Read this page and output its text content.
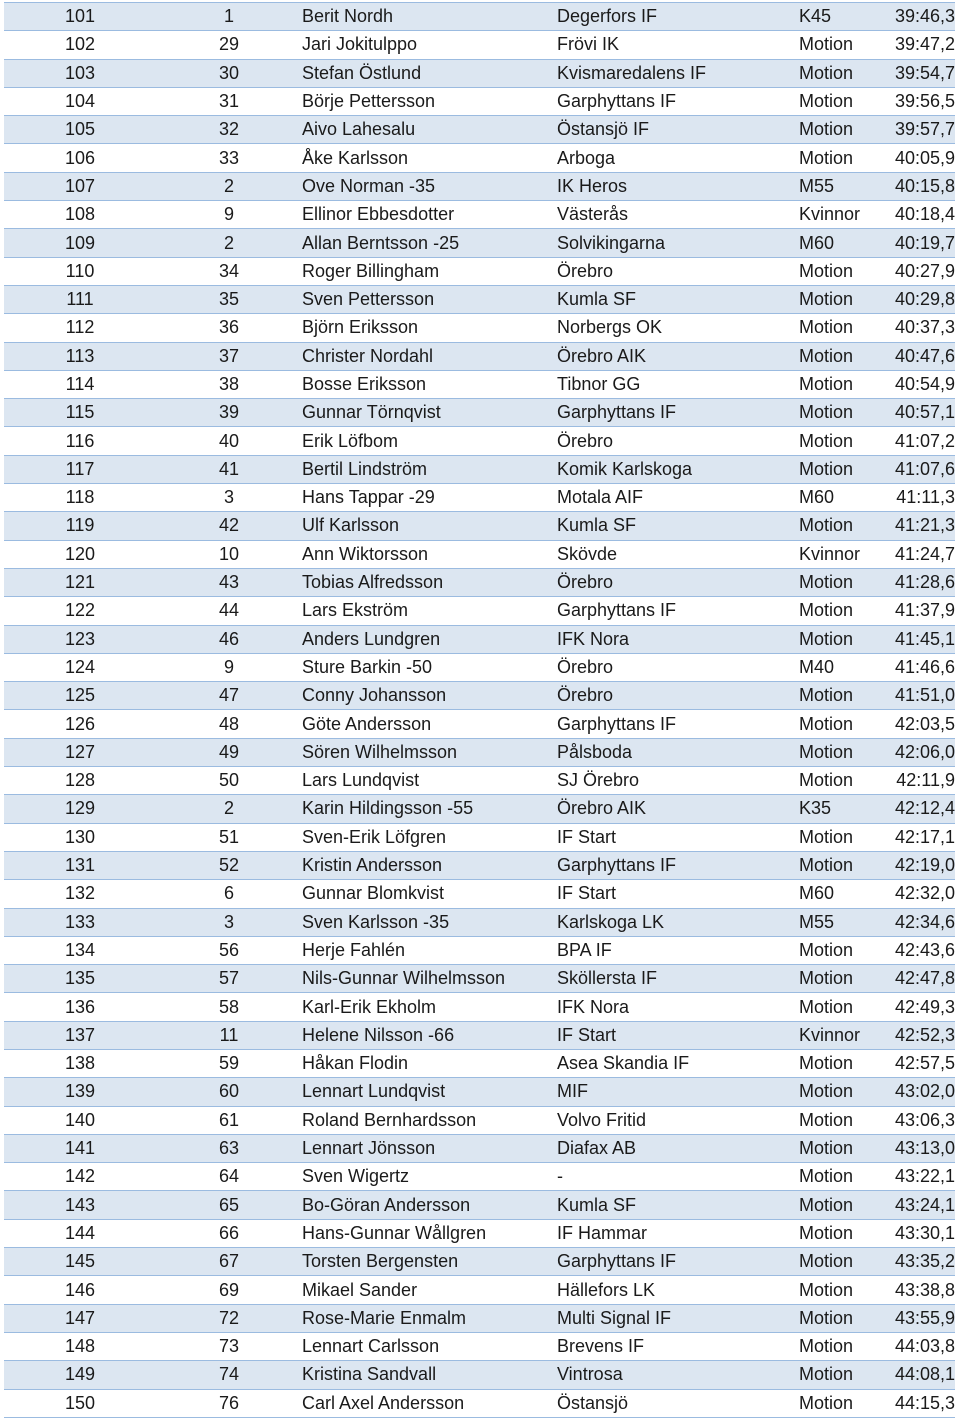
101	1	Berit Nordh	Degerfors IF	K45	39:46,3
102	29	Jari Jokitulppo	Frövi IK	Motion	39:47,2
103	30	Stefan Östlund	Kvismaredalens IF	Motion	39:54,7
104	31	Börje Pettersson	Garphyttans IF	Motion	39:56,5
105	32	Aivo Lahesalu	Östansjö IF	Motion	39:57,7
106	33	Åke Karlsson	Arboga	Motion	40:05,9
107	2	Ove Norman -35	IK Heros	M55	40:15,8
108	9	Ellinor Ebbesdotter	Västerås	Kvinnor	40:18,4
109	2	Allan Berntsson -25	Solvikingarna	M60	40:19,7
110	34	Roger Billingham	Örebro	Motion	40:27,9
111	35	Sven Pettersson	Kumla SF	Motion	40:29,8
112	36	Björn Eriksson	Norbergs OK	Motion	40:37,3
113	37	Christer Nordahl	Örebro AIK	Motion	40:47,6
114	38	Bosse Eriksson	Tibnor GG	Motion	40:54,9
115	39	Gunnar Törnqvist	Garphyttans IF	Motion	40:57,1
116	40	Erik Löfbom	Örebro	Motion	41:07,2
117	41	Bertil Lindström	Komik Karlskoga	Motion	41:07,6
118	3	Hans Tappar -29	Motala AIF	M60	41:11,3
119	42	Ulf Karlsson	Kumla SF	Motion	41:21,3
120	10	Ann Wiktorsson	Skövde	Kvinnor	41:24,7
121	43	Tobias Alfredsson	Örebro	Motion	41:28,6
122	44	Lars Ekström	Garphyttans IF	Motion	41:37,9
123	46	Anders Lundgren	IFK Nora	Motion	41:45,1
124	9	Sture Barkin -50	Örebro	M40	41:46,6
125	47	Conny Johansson	Örebro	Motion	41:51,0
126	48	Göte Andersson	Garphyttans IF	Motion	42:03,5
127	49	Sören Wilhelmsson	Pålsboda	Motion	42:06,0
128	50	Lars Lundqvist	SJ Örebro	Motion	42:11,9
129	2	Karin Hildingsson -55	Örebro AIK	K35	42:12,4
130	51	Sven-Erik Löfgren	IF Start	Motion	42:17,1
131	52	Kristin Andersson	Garphyttans IF	Motion	42:19,0
132	6	Gunnar Blomkvist	IF Start	M60	42:32,0
133	3	Sven Karlsson -35	Karlskoga LK	M55	42:34,6
134	56	Herje Fahlén	BPA IF	Motion	42:43,6
135	57	Nils-Gunnar Wilhelmsson	Sköllersta IF	Motion	42:47,8
136	58	Karl-Erik Ekholm	IFK Nora	Motion	42:49,3
137	11	Helene Nilsson -66	IF Start	Kvinnor	42:52,3
138	59	Håkan Flodin	Asea Skandia IF	Motion	42:57,5
139	60	Lennart Lundqvist	MIF	Motion	43:02,0
140	61	Roland Bernhardsson	Volvo Fritid	Motion	43:06,3
141	63	Lennart Jönsson	Diafax AB	Motion	43:13,0
142	64	Sven Wigertz	-	Motion	43:22,1
143	65	Bo-Göran Andersson	Kumla SF	Motion	43:24,1
144	66	Hans-Gunnar Wållgren	IF Hammar	Motion	43:30,1
145	67	Torsten Bergensten	Garphyttans IF	Motion	43:35,2
146	69	Mikael Sander	Hällefors LK	Motion	43:38,8
147	72	Rose-Marie Enmalm	Multi Signal IF	Motion	43:55,9
148	73	Lennart Carlsson	Brevens IF	Motion	44:03,8
149	74	Kristina Sandvall	Vintrosa	Motion	44:08,1
150	76	Carl Axel Andersson	Östansjö	Motion	44:15,3
